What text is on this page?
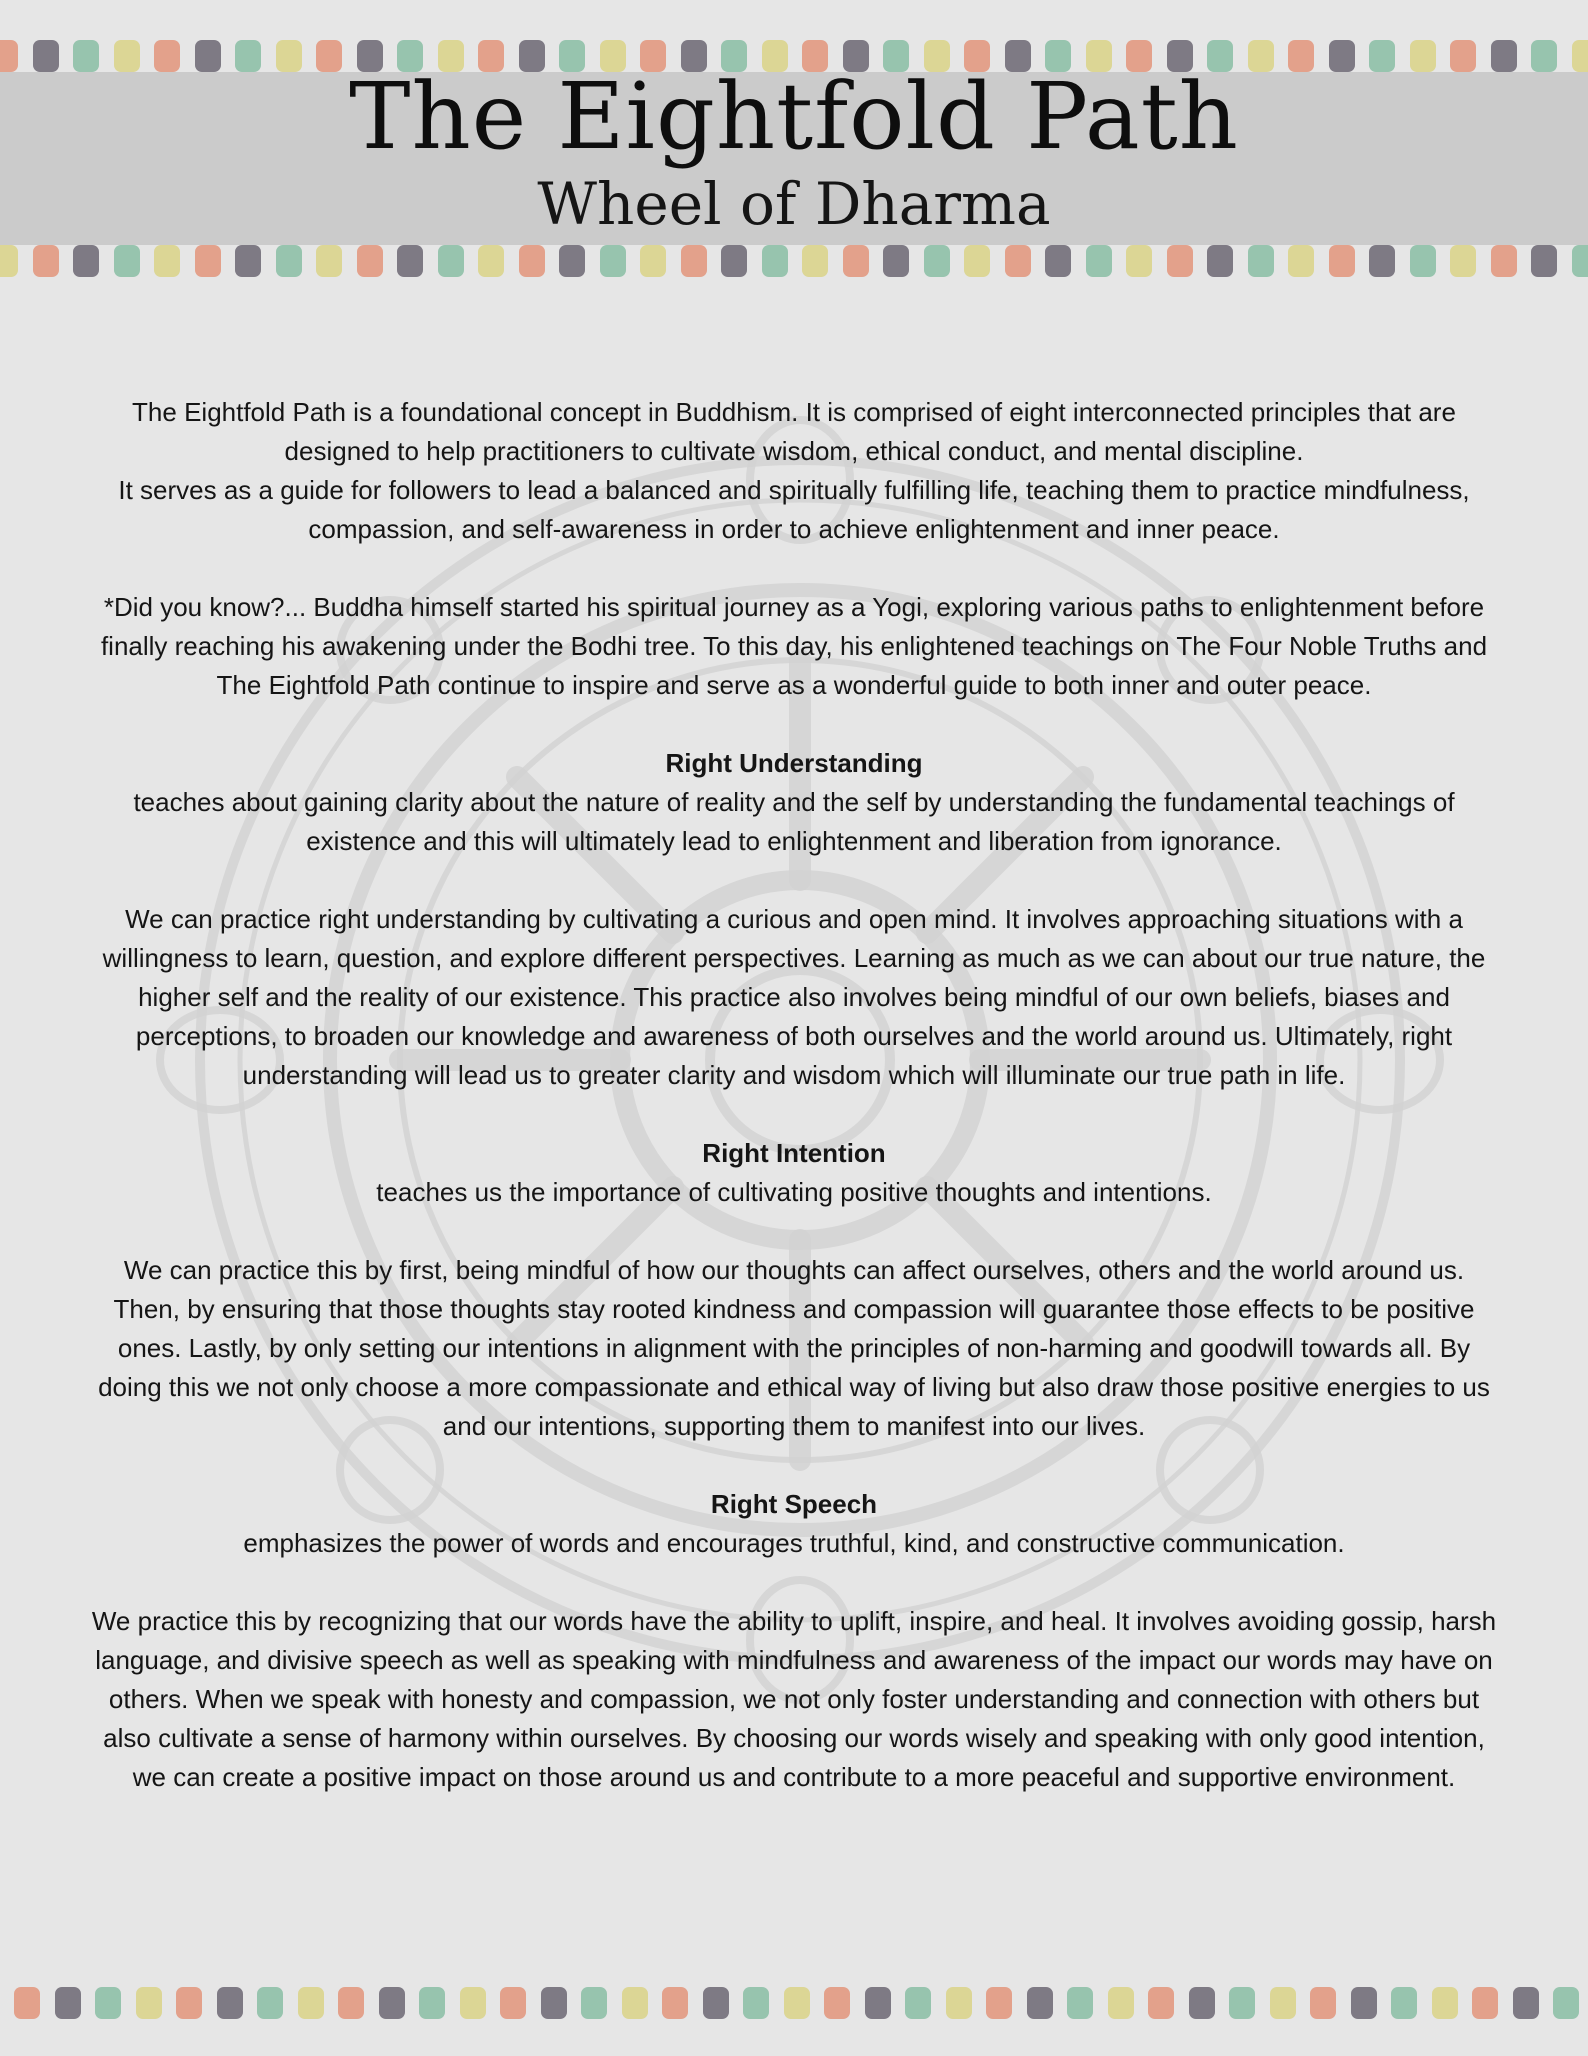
The Eightfold Path
Wheel of Dharma

The Eightfold Path is a foundational concept in Buddhism. It is comprised of eight interconnected principles that are designed to help practitioners to cultivate wisdom, ethical conduct, and mental discipline.

It serves as a guide for followers to lead a balanced and spiritually fulfilling life, teaching them to practice mindfulness, compassion, and self-awareness in order to achieve enlightenment and inner peace.

*Did you know?... Buddha himself started his spiritual journey as a Yogi, exploring various paths to enlightenment before finally reaching his awakening under the Bodhi tree. To this day, his enlightened teachings on The Four Noble Truths and The Eightfold Path continue to inspire and serve as a wonderful guide to both inner and outer peace.

Right Understanding

teaches about gaining clarity about the nature of reality and the self by understanding the fundamental teachings of existence and this will ultimately lead to enlightenment and liberation from ignorance.

We can practice right understanding by cultivating a curious and open mind. It involves approaching situations with a willingness to learn, question, and explore different perspectives. Learning as much as we can about our true nature, the higher self and the reality of our existence. This practice also involves being mindful of our own beliefs, biases and perceptions, to broaden our knowledge and awareness of both ourselves and the world around us. Ultimately, right understanding will lead us to greater clarity and wisdom which will illuminate our true path in life.

Right Intention

teaches us the importance of cultivating positive thoughts and intentions.

We can practice this by first, being mindful of how our thoughts can affect ourselves, others and the world around us. Then, by ensuring that those thoughts stay rooted kindness and compassion will guarantee those effects to be positive ones. Lastly, by only setting our intentions in alignment with the principles of non-harming and goodwill towards all. By doing this we not only choose a more compassionate and ethical way of living but also draw those positive energies to us and our intentions, supporting them to manifest into our lives.

Right Speech

emphasizes the power of words and encourages truthful, kind, and constructive communication.

We practice this by recognizing that our words have the ability to uplift, inspire, and heal. It involves avoiding gossip, harsh language, and divisive speech as well as speaking with mindfulness and awareness of the impact our words may have on others. When we speak with honesty and compassion, we not only foster understanding and connection with others but also cultivate a sense of harmony within ourselves. By choosing our words wisely and speaking with only good intention, we can create a positive impact on those around us and contribute to a more peaceful and supportive environment.
